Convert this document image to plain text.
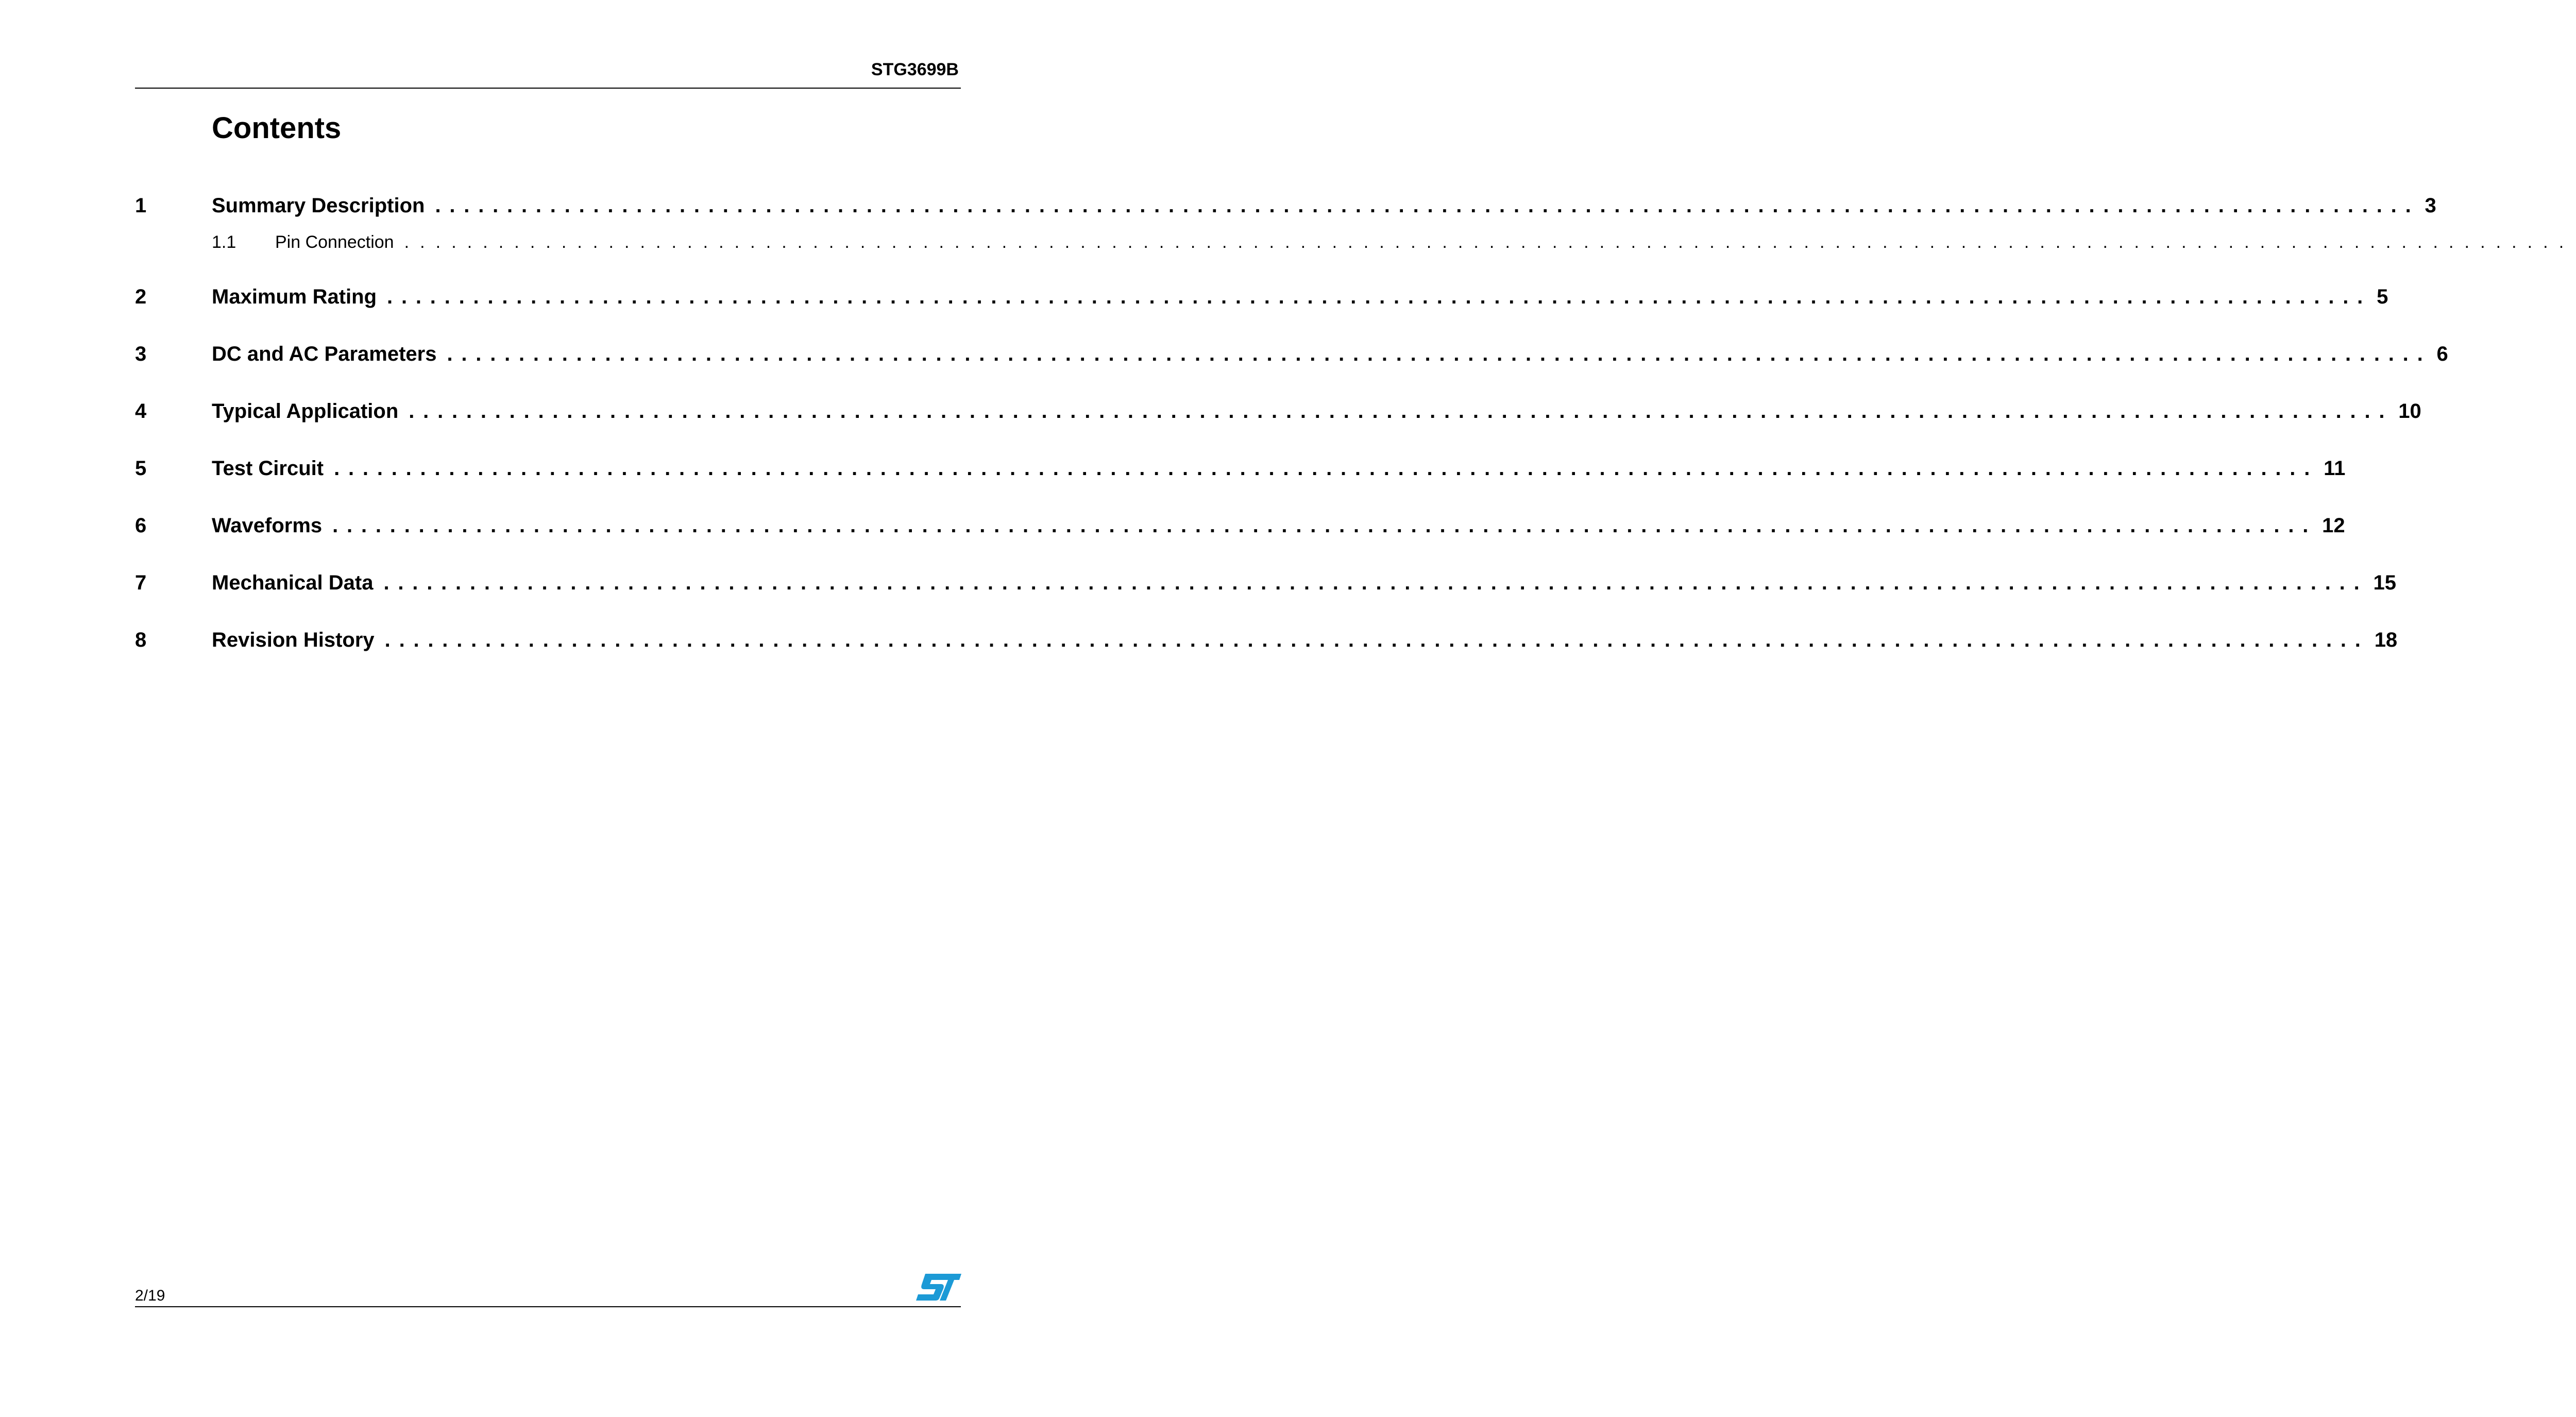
STG3699B
Contents
1	Summary Description .......................................................................................................................................... 3
1.1	Pin Connection ..........................................................................................................................................
2	Maximum Rating .......................................................................................................................................... 5
3	DC and AC Parameters .......................................................................................................................................... 6
4	Typical Application .......................................................................................................................................... 10
5	Test Circuit .......................................................................................................................................... 11
6	Waveforms .......................................................................................................................................... 12
7	Mechanical Data .......................................................................................................................................... 15
8	Revision History .......................................................................................................................................... 18
2/19
